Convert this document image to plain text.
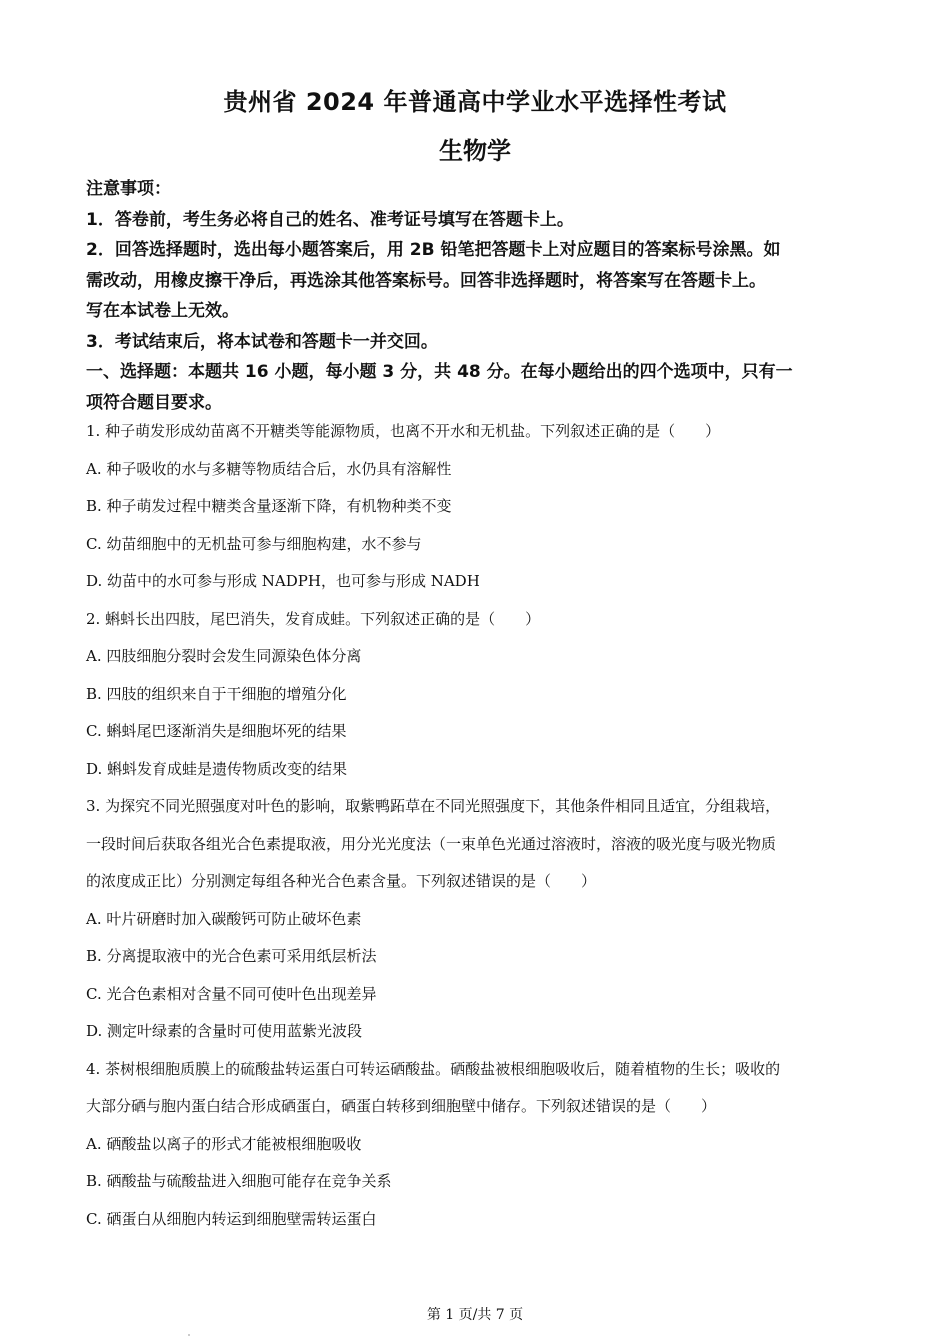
贵州省 2024 年普通高中学业水平选择性考试
生物学

注意事项：

1．答卷前，考生务必将自己的姓名、准考证号填写在答题卡上。

2．回答选择题时，选出每小题答案后，用 2B 铅笔把答题卡上对应题目的答案标号涂黑。如

需改动，用橡皮擦干净后，再选涂其他答案标号。回答非选择题时，将答案写在答题卡上。

写在本试卷上无效。

3．考试结束后，将本试卷和答题卡一并交回。

一、选择题：本题共 16 小题，每小题 3 分，共 48 分。在每小题给出的四个选项中，只有一

项符合题目要求。

1. 种子萌发形成幼苗离不开糖类等能源物质，也离不开水和无机盐。下列叙述正确的是（　　）

A. 种子吸收的水与多糖等物质结合后，水仍具有溶解性

B. 种子萌发过程中糖类含量逐渐下降，有机物种类不变

C. 幼苗细胞中的无机盐可参与细胞构建，水不参与

D. 幼苗中的水可参与形成 NADPH，也可参与形成 NADH

2. 蝌蚪长出四肢，尾巴消失，发育成蛙。下列叙述正确的是（　　）

A. 四肢细胞分裂时会发生同源染色体分离

B. 四肢的组织来自于干细胞的增殖分化

C. 蝌蚪尾巴逐渐消失是细胞坏死的结果

D. 蝌蚪发育成蛙是遗传物质改变的结果

3. 为探究不同光照强度对叶色的影响，取紫鸭跖草在不同光照强度下，其他条件相同且适宜，分组栽培，

一段时间后获取各组光合色素提取液，用分光光度法（一束单色光通过溶液时，溶液的吸光度与吸光物质

的浓度成正比）分别测定每组各种光合色素含量。下列叙述错误的是（　　）

A. 叶片研磨时加入碳酸钙可防止破坏色素

B. 分离提取液中的光合色素可采用纸层析法

C. 光合色素相对含量不同可使叶色出现差异

D. 测定叶绿素的含量时可使用蓝紫光波段

4. 茶树根细胞质膜上的硫酸盐转运蛋白可转运硒酸盐。硒酸盐被根细胞吸收后，随着植物的生长；吸收的

大部分硒与胞内蛋白结合形成硒蛋白，硒蛋白转移到细胞壁中储存。下列叙述错误的是（　　）

A. 硒酸盐以离子的形式才能被根细胞吸收

B. 硒酸盐与硫酸盐进入细胞可能存在竞争关系

C. 硒蛋白从细胞内转运到细胞壁需转运蛋白

第 1 页/共 7 页
